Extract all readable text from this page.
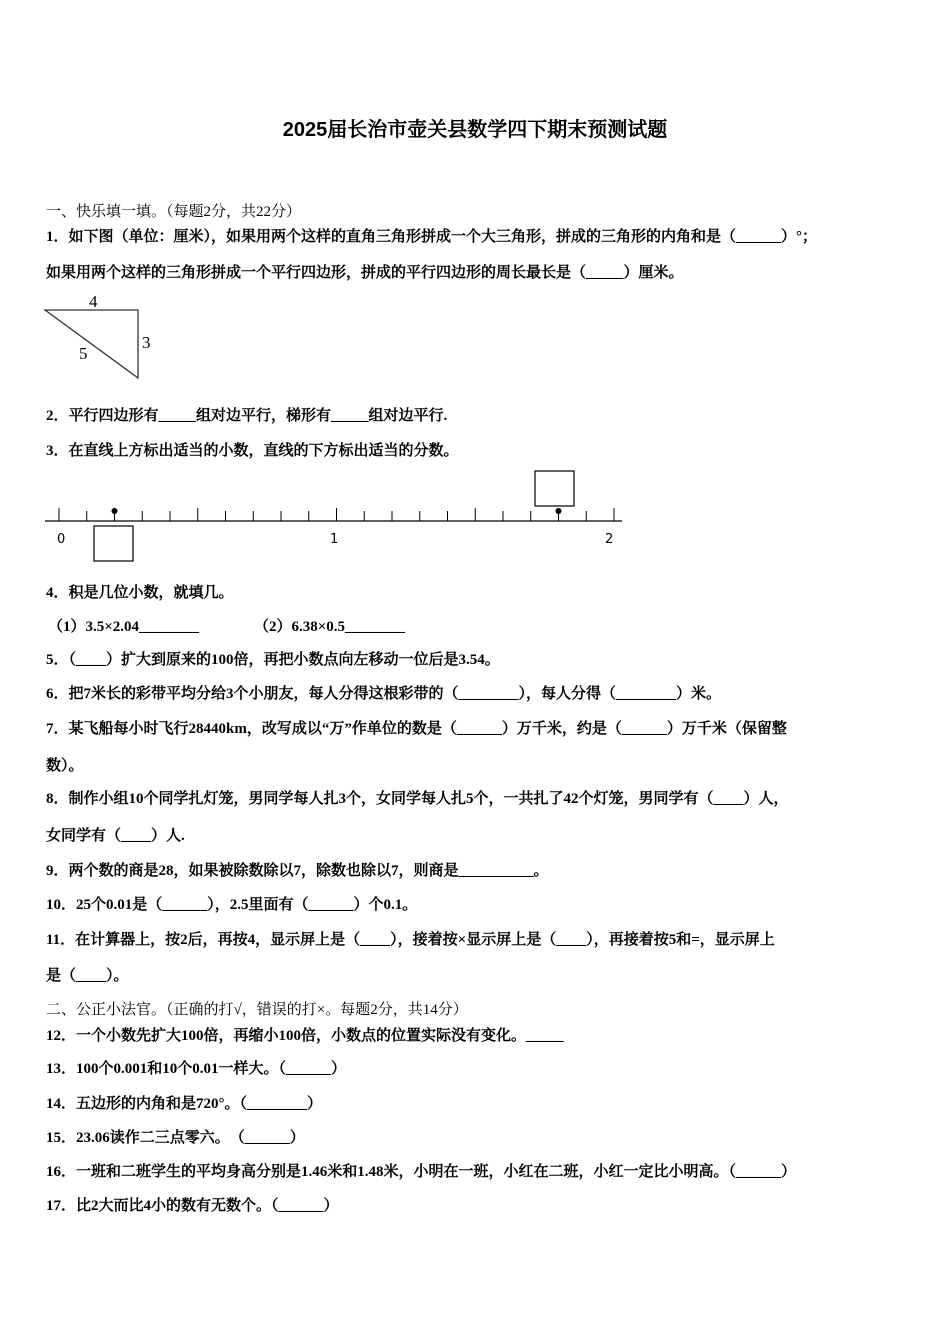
2025届长治市壶关县数学四下期末预测试题
一、快乐填一填。（每题2分，共22分）
1．如下图（单位：厘米），如果用两个这样的直角三角形拼成一个大三角形，拼成的三角形的内角和是（______）°；
如果用两个这样的三角形拼成一个平行四边形，拼成的平行四边形的周长最长是（_____）厘米。
4
3
5
2．平行四边形有_____组对边平行，梯形有_____组对边平行.
3．在直线上方标出适当的小数，直线的下方标出适当的分数。
0	1	2
4．积是几位小数，就填几。
（1）3.5×2.04________	（2）6.38×0.5________
5．（____）扩大到原来的100倍，再把小数点向左移动一位后是3.54。
6．把7米长的彩带平均分给3个小朋友，每人分得这根彩带的（________），每人分得（________）米。
7．某飞船每小时飞行28440km，改写成以“万”作单位的数是（______）万千米，约是（______）万千米（保留整
数）。
8．制作小组10个同学扎灯笼，男同学每人扎3个，女同学每人扎5个，一共扎了42个灯笼，男同学有（____）人，
女同学有（____）人.
9．两个数的商是28，如果被除数除以7，除数也除以7，则商是__________。
10．25个0.01是（______），2.5里面有（______）个0.1。
11．在计算器上，按2后，再按4，显示屏上是（____），接着按×显示屏上是（____），再接着按5和=，显示屏上
是（____）。
二、公正小法官。（正确的打√，错误的打×。每题2分，共14分）
12．一个小数先扩大100倍，再缩小100倍，小数点的位置实际没有变化。_____
13．100个0.001和10个0.01一样大。（______）
14．五边形的内角和是720°。（________）
15．23.06读作二三点零六。　（______）
16．一班和二班学生的平均身高分别是1.46米和1.48米，小明在一班，小红在二班，小红一定比小明高。（______）
17．比2大而比4小的数有无数个。（______）
